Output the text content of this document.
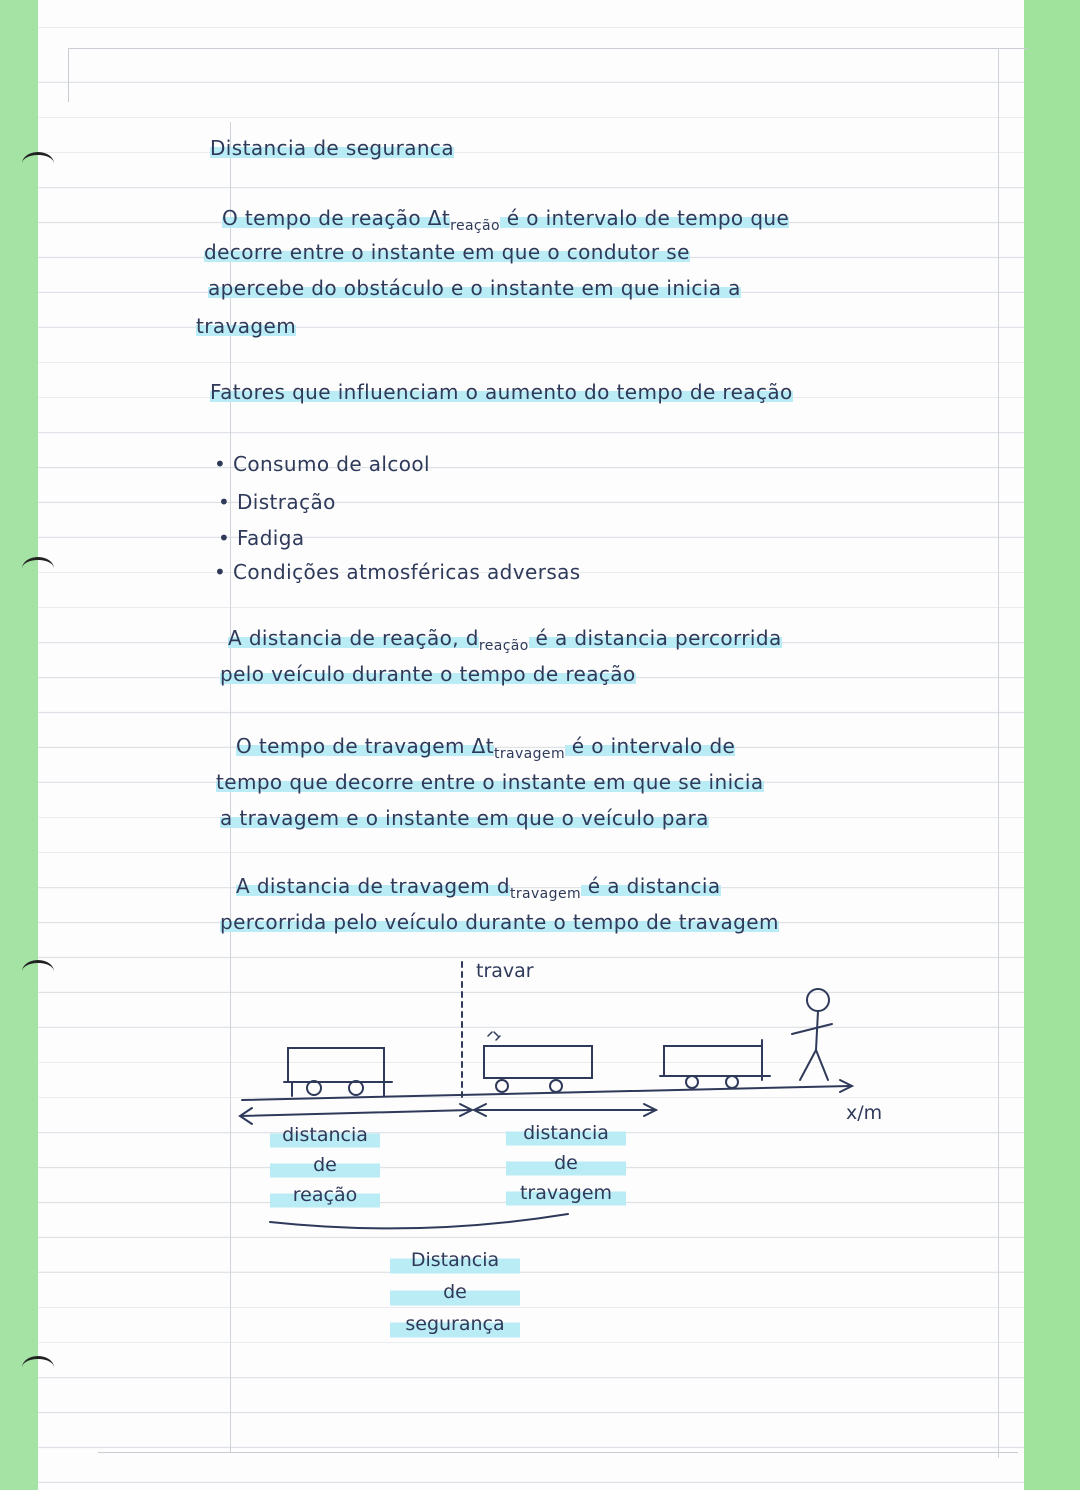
Distancia de seguranca
O tempo de reação $\Delta t_{reação}$ é o intervalo de tempo que
decorre entre o instante em que o condutor se
apercebe do obstáculo e o instante em que inicia a
travagem
Fatores que influenciam o aumento do tempo de reação
• Consumo de alcool
• Distração
• Fadiga
• Condições atmosféricas adversas
A distancia de reação, $d_{reação}$ é a distancia percorrida
pelo veículo durante o tempo de reação
O tempo de travagem $\Delta t_{travagem}$ é o intervalo de
tempo que decorre entre o instante em que se inicia
a travagem e o instante em que o veículo para
A distancia de travagem $d_{travagem}$ é a distancia
percorrida pelo veículo durante o tempo de travagem
travar
x/m
distancia
de
reação
distancia
de
travagem
Distancia
de
segurança
